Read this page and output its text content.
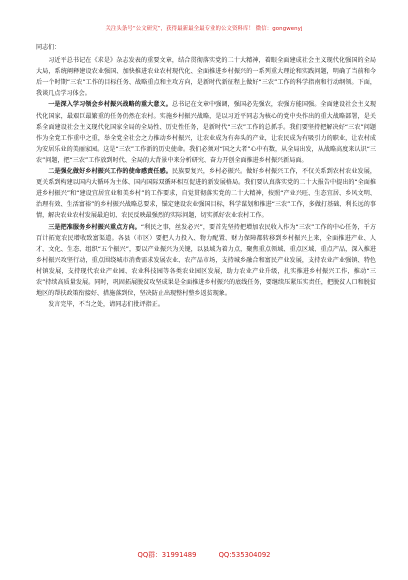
关注头条号“公文研究”，获得最新最全最专业的公文资料库！ 微信：gongwenyj
同志们：

习近平总书记在《求是》杂志发表的重要文章，结合贯彻落实党的二十大精神，着眼全面建成社会主义现代化强国的全局大局，系统阐释建设农业强国、加快推进农业农村现代化、全面推进乡村振兴的一系列重大理论和实践问题，明确了当前和今后一个时期“三农”工作的目标任务、战略重点和主攻方向，是新时代新征程上做好“三农”工作的科学指南和行动纲领。下面，我谈几点学习体会。

一是深入学习领会乡村振兴战略的重大意义。总书记在文章中强调，强国必先强农，农强方能国强。全面建设社会主义现代化国家，最艰巨最繁重的任务仍然在农村。实施乡村振兴战略，是以习近平同志为核心的党中央作出的重大战略部署，是关系全面建设社会主义现代化国家全局的全局性、历史性任务，是新时代“三农”工作的总抓手。我们要坚持把解决好“三农”问题作为全党工作重中之重，举全党全社会之力推动乡村振兴，让农业成为有奔头的产业，让农民成为有吸引力的职业，让农村成为安居乐业的美丽家园。这是“三农”工作新的历史使命。我们必须对“国之大者”心中有数，从全局出发，从战略高度来认识“三农”问题，把“三农”工作放到时代、全局的大背景中来分析研究、奋力开创全面推进乡村振兴新局面。

二是强化做好乡村振兴工作的使命感责任感。民族要复兴，乡村必振兴。做好乡村振兴工作，不仅关系到农村农业发展，更关系到构建以国内大循环为主体、国内国际双循环相互促进的新发展格局。我们要认真落实党的二十大报告中提出的“全面推进乡村振兴”和“建设宜居宜业和美乡村”的工作要求，自觉贯彻落实党的二十大精神，按照“产业兴旺、生态宜居、乡风文明、治理有效、生活富裕”的乡村振兴战略总要求，锚定建设农业强国目标，科学谋划和推进“三农”工作，多做打基础、利长远的事情，解决农业农村发展最迫切、农民反映最强烈的实际问题，切实抓好农业农村工作。

三是把准服务乡村振兴重点方向。“利民之事，丝发必兴”，要首先坚持把增加农民收入作为“三农”工作的中心任务，千方百计拓宽农民增收致富渠道。各县（市区）要把人力投入、物力配置、财力保障都转移到乡村振兴上来，全面推进产业、人才、文化、生态、组织“五个振兴”，要以产业振兴为关键，以县域为着力点，聚焦重点领域、重点区域、重点产品，深入推进乡村振兴攻坚行动，重点围绕城市消费需求发展农业、农产品市场，支持城乡融合和富民产业发展，支持农业产业强镇、特色村镇发展，支持现代农业产业园、农业科技园等各类农业园区发展，助力农业产业升级，扎实推进乡村振兴工作，推动“三农”持续高质量发展。同时，巩固拓展脱贫攻坚成果是全面推进乡村振兴的底线任务，要继续压紧压实责任，把脱贫人口和脱贫地区的帮扶政策衔接好、措施落到位，坚决防止出现整村整乡返贫现象。

发言完毕，不当之处，请同志们批评指正。

QQ群：31991489	QQ:535304092
